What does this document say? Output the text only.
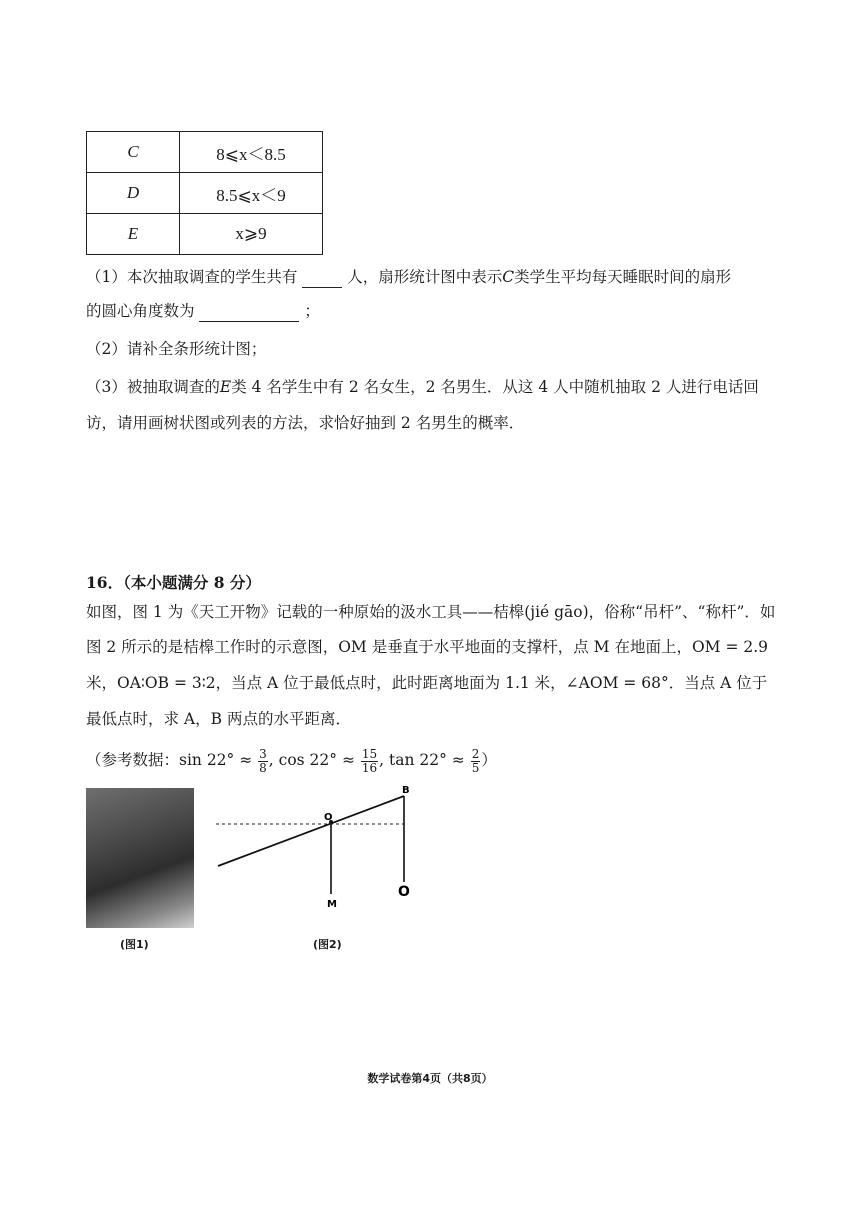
C	8⩽x＜8.5
D	8.5⩽x＜9
E	x⩾9
（1）本次抽取调查的学生共有	人，扇形统计图中表示C类学生平均每天睡眠时间的扇形
的圆心角度数为	；
（2）请补全条形统计图；
（3）被抽取调查的E类 4 名学生中有 2 名女生，2 名男生．从这 4 人中随机抽取 2 人进行电话回
访，请用画树状图或列表的方法，求恰好抽到 2 名男生的概率．
16．（本小题满分 8 分）
如图，图 1 为《天工开物》记载的一种原始的汲水工具——桔槔(jié gāo)，俗称“吊杆”、“称杆”．如
图 2 所示的是桔槔工作时的示意图，OM 是垂直于水平地面的支撑杆，点 M 在地面上，OM = 2.9
米，OA∶OB = 3∶2，当点 A 位于最低点时，此时距离地面为 1.1 米，∠AOM = 68°．当点 A 位于
最低点时，求 A，B 两点的水平距离．
（参考数据：$\sin 22^\circ \approx \frac{3}{8}$ , $\cos 22^\circ \approx \frac{15}{16}$ , $\tan 22^\circ \approx \frac{2}{5}$ ）
(图1)
O
B
M
O
(图2)
数学试卷第4页（共8页）
